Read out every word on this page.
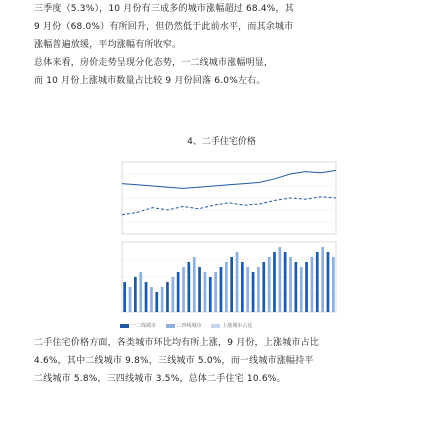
三季度（5.3%），10 月份有三成多的城市涨幅超过 68.4%，其
9 月份（68.0%）有所回升，但仍然低于此前水平，而其余城市
涨幅普遍放缓，平均涨幅有所收窄。
总体来看，房价走势呈现分化态势，一二线城市涨幅明显，
而 10 月份上涨城市数量占比较 9 月份回落 6.0%左右。
4、二手住宅价格
一二线城市	三四线城市	上涨城市占比
二手住宅价格方面，各类城市环比均有所上涨，9 月份，上涨城市占比
4.6%，其中二线城市 9.8%，三线城市 5.0%，而一线城市涨幅持平
二线城市 5.8%，三四线城市 3.5%，总体二手住宅 10.6%。
